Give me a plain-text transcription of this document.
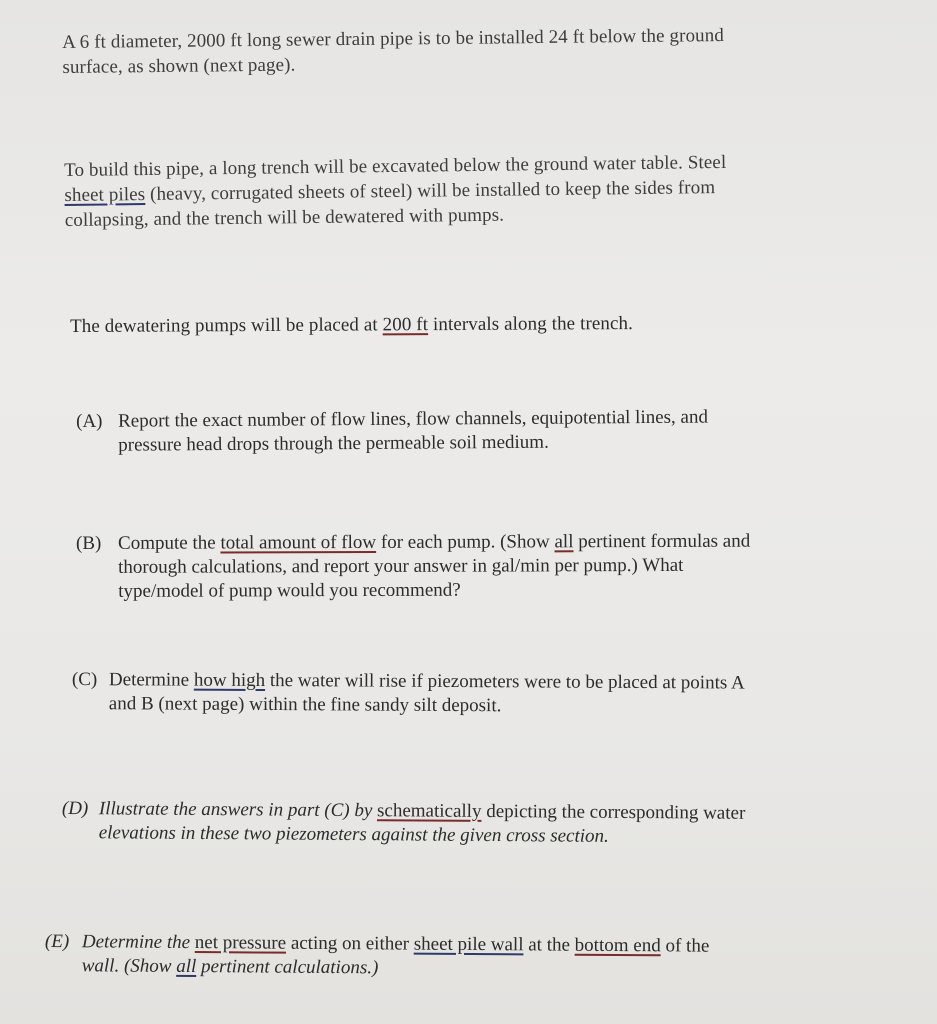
A 6 ft diameter, 2000 ft long sewer drain pipe is to be installed 24 ft below the ground
surface, as shown (next page).
To build this pipe, a long trench will be excavated below the ground water table. Steel
sheet piles (heavy, corrugated sheets of steel) will be installed to keep the sides from
collapsing, and the trench will be dewatered with pumps.
The dewatering pumps will be placed at 200 ft intervals along the trench.
(A) Report the exact number of flow lines, flow channels, equipotential lines, and
pressure head drops through the permeable soil medium.
(B) Compute the total amount of flow for each pump. (Show all pertinent formulas and
thorough calculations, and report your answer in gal/min per pump.) What
type/model of pump would you recommend?
(C) Determine how high the water will rise if piezometers were to be placed at points A
and B (next page) within the fine sandy silt deposit.
(D) Illustrate the answers in part (C) by schematically depicting the corresponding water
elevations in these two piezometers against the given cross section.
(E) Determine the net pressure acting on either sheet pile wall at the bottom end of the
wall. (Show all pertinent calculations.)
